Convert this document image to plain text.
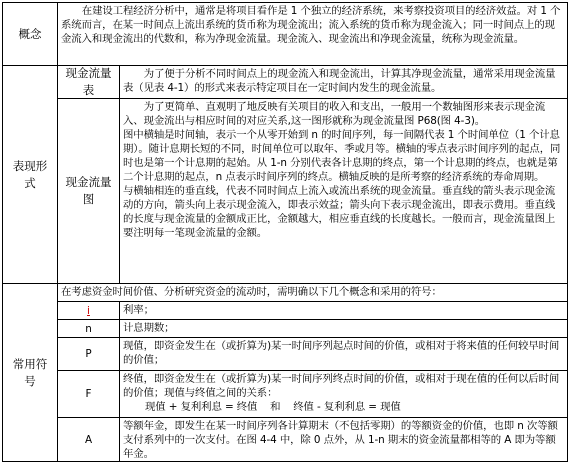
概念
在建设工程经济分析中，通常是将项目看作是 1 个独立的经济系统，来考察投资项目的经济效益。对 1 个系统而言，在某一时间点上流出系统的货币称为现金流出；流入系统的货币称为现金流入；同一时间点上的现金流入和现金流出的代数和，称为净现金流量。现金流入、现金流出和净现金流量，统称为现金流量。
表现形式
现金流量表
为了便于分析不同时间点上的现金流入和现金流出，计算其净现金流量，通常采用现金流量表（见表 4-1）的形式来表示特定项目在一定时间内发生的现金流量。
现金流量图
为了更简单、直观明了地反映有关项目的收入和支出，一般用一个数轴图形来表示现金流入、现金流出与相应时间的对应关系,这一图形就称为现金流量图 P68(图 4-3)。
图中横轴是时间轴，表示一个从零开始到 n 的时间序列，每一间隔代表 1 个时间单位（1 个计息期）。随计息期长短的不同，时间单位可以取年、季或月等。横轴的零点表示时间序列的起点，同时也是第一个计息期的起始。从 1-n 分别代表各计息期的终点，第一个计息期的终点，也就是第二个计息期的起点，n 点表示时间序列的终点。横轴反映的是所考察的经济系统的寿命周期。
与横轴相连的垂直线，代表不同时间点上流入或流出系统的现金流量。垂直线的箭头表示现金流动的方向，箭头向上表示现金流入，即表示效益；箭头向下表示现金流出，即表示费用。垂直线的长度与现金流量的金额成正比，金额越大，相应垂直线的长度越长。一般而言，现金流量图上要注明每一笔现金流量的金额。
常用符号
在考虑资金时间价值、分析研究资金的流动时，需明确以下几个概念和采用的符号：
i	利率；
n	计息期数；
P
现值，即资金发生在（或折算为)某一时间序列起点时间的价值，或相对于将来值的任何较早时间的价值；
F
终值，即资金发生在（或折算为)某一时间序列终点时间的价值，或相对于现在值的任何以后时间的价值；现值与终值之间的关系：
现值 + 复利利息 = 终值    和    终值 - 复利利息 = 现值
A
等额年金，即发生在某一时间序列各计算期末（不包括零期）的等额资金的价值，也即 n 次等额支付系列中的一次支付。在图 4-4 中，除 0 点外，从 1-n 期末的资金流量都相等的 A 即为等额年金。
